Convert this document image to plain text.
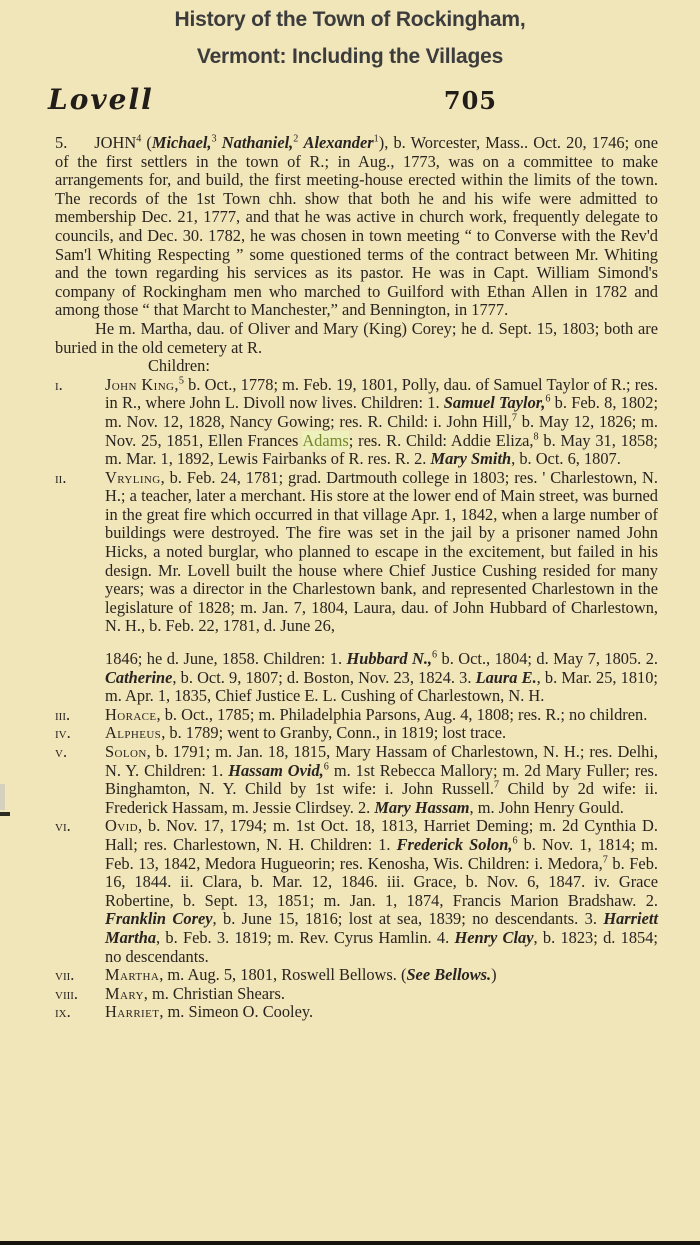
History of the Town of Rockingham,
Vermont: Including the Villages
Lovell	705

5. JOHN$^4$ (Michael,$^3$ Nathaniel,$^2$ Alexander$^1$), b. Worcester, Mass.. Oct. 20, 1746; one of the first settlers in the town of R.; in Aug., 1773, was on a committee to make arrangements for, and build, the first meeting-house erected within the limits of the town. The records of the 1st Town chh. show that both he and his wife were admitted to membership Dec. 21, 1777, and that he was active in church work, frequently delegate to councils, and Dec. 30. 1782, he was chosen in town meeting “ to Converse with the Rev'd Sam'l Whiting Respecting ” some questioned terms of the contract between Mr. Whiting and the town regarding his services as its pastor. He was in Capt. William Simond's company of Rockingham men who marched to Guilford with Ethan Allen in 1782 and among those “ that Marcht to Manchester,” and Bennington, in 1777.

He m. Martha, dau. of Oliver and Mary (King) Corey; he d. Sept. 15, 1803; both are buried in the old cemetery at R.

Children:

i.	John King,$^5$ b. Oct., 1778; m. Feb. 19, 1801, Polly, dau. of Samuel Taylor of R.; res. in R., where John L. Divoll now lives. Children: 1. Samuel Taylor,$^6$ b. Feb. 8, 1802; m. Nov. 12, 1828, Nancy Gowing; res. R. Child: i. John Hill,$^7$ b. May 12, 1826; m. Nov. 25, 1851, Ellen Frances Adams; res. R. Child: Addie Eliza,$^8$ b. May 31, 1858; m. Mar. 1, 1892, Lewis Fairbanks of R. res. R. 2. Mary Smith, b. Oct. 6, 1807.
ii. Vryling, b. Feb. 24, 1781; grad. Dartmouth college in 1803; res. ' Charlestown, N. H.; a teacher, later a merchant. His store at the lower end of Main street, was burned in the great fire which occurred in that village Apr. 1, 1842, when a large number of buildings were destroyed. The fire was set in the jail by a prisoner named John Hicks, a noted burglar, who planned to escape in the excitement, but failed in his design. Mr. Lovell built the house where Chief Justice Cushing resided for many years; was a director in the Charlestown bank, and represented Charlestown in the legislature of 1828; m. Jan. 7, 1804, Laura, dau. of John Hubbard of Charlestown, N. H., b. Feb. 22, 1781, d. June 26,
1846; he d. June, 1858. Children: 1. Hubbard N.,$^6$ b. Oct., 1804; d. May 7, 1805. 2. Catherine, b. Oct. 9, 1807; d. Boston, Nov. 23, 1824. 3. Laura E., b. Mar. 25, 1810; m. Apr. 1, 1835, Chief Justice E. L. Cushing of Charlestown, N. H.
iii. Horace, b. Oct., 1785; m. Philadelphia Parsons, Aug. 4, 1808; res. R.; no children.
iv. Alpheus, b. 1789; went to Granby, Conn., in 1819; lost trace.
v. Solon, b. 1791; m. Jan. 18, 1815, Mary Hassam of Charlestown, N. H.; res. Delhi, N. Y. Children: 1. Hassam Ovid,$^6$ m. 1st Rebecca Mallory; m. 2d Mary Fuller; res. Binghamton, N. Y. Child by 1st wife: i. John Russell.$^7$ Child by 2d wife: ii. Frederick Hassam, m. Jessie Clirdsey. 2. Mary Hassam, m. John Henry Gould.
vi. Ovid, b. Nov. 17, 1794; m. 1st Oct. 18, 1813, Harriet Deming; m. 2d Cynthia D. Hall; res. Charlestown, N. H. Children: 1. Frederick Solon,$^6$ b. Nov. 1, 1814; m. Feb. 13, 1842, Medora Hugueorin; res. Kenosha, Wis. Children: i. Medora,$^7$ b. Feb. 16, 1844. ii. Clara, b. Mar. 12, 1846. iii. Grace, b. Nov. 6, 1847. iv. Grace Robertine, b. Sept. 13, 1851; m. Jan. 1, 1874, Francis Marion Bradshaw. 2. Franklin Corey, b. June 15, 1816; lost at sea, 1839; no descendants. 3. Harriett Martha, b. Feb. 3. 1819; m. Rev. Cyrus Hamlin. 4. Henry Clay, b. 1823; d. 1854; no descendants.
vii. Martha, m. Aug. 5, 1801, Roswell Bellows. (See Bellows.)
viii. Mary, m. Christian Shears.
ix. Harriet, m. Simeon O. Cooley.
